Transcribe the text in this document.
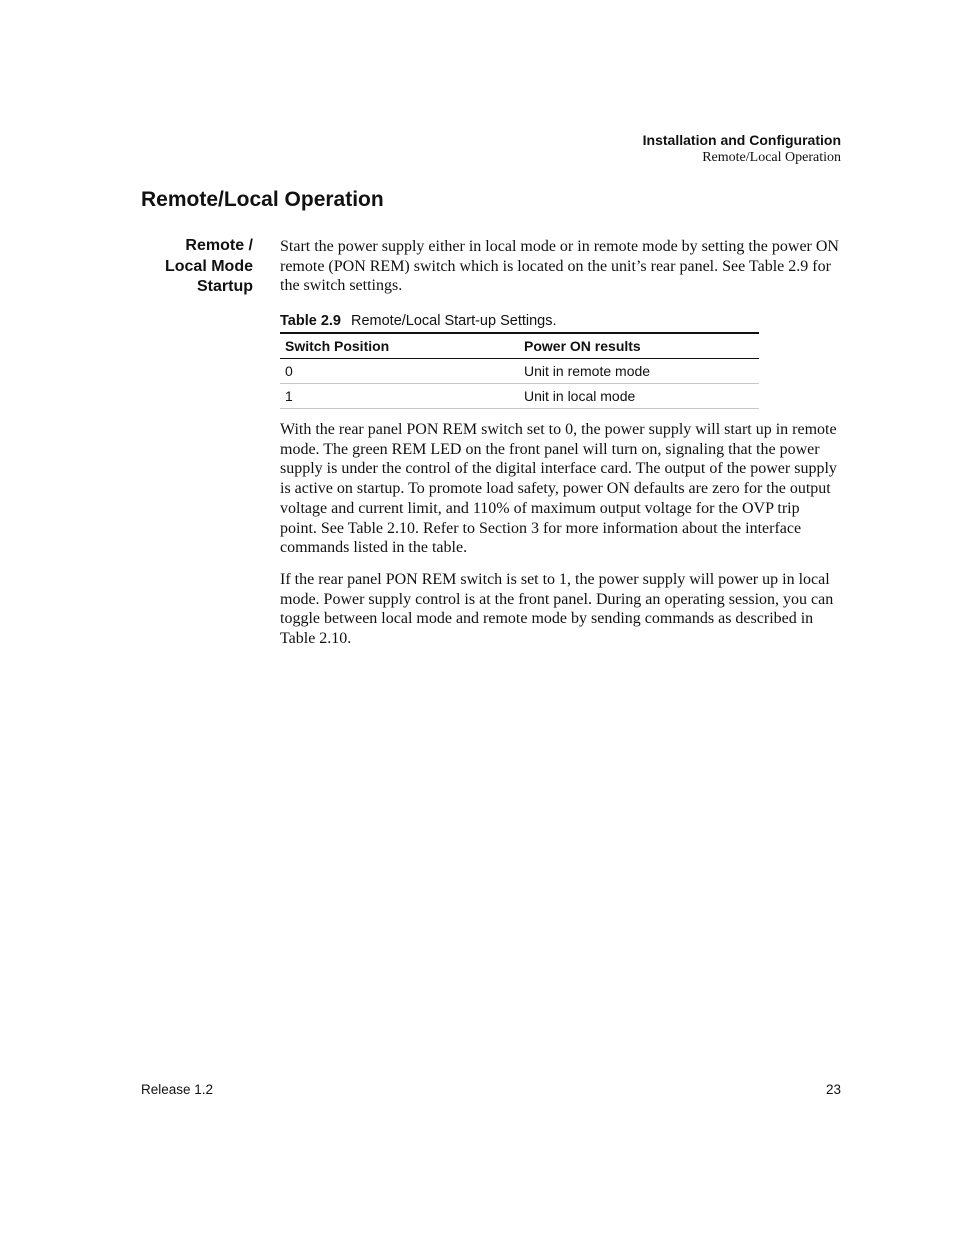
Installation and Configuration
Remote/Local Operation
Remote/Local Operation
Remote /
Local Mode
Startup

Start the power supply either in local mode or in remote mode by setting the power ON remote (PON REM) switch which is located on the unit’s rear panel. See Table 2.9 for the switch settings.

Table 2.9 Remote/Local Start-up Settings.
Switch Position	Power ON results
0	Unit in remote mode
1	Unit in local mode

With the rear panel PON REM switch set to 0, the power supply will start up in remote mode. The green REM LED on the front panel will turn on, signaling that the power supply is under the control of the digital interface card. The output of the power supply is active on startup. To promote load safety, power ON defaults are zero for the output voltage and current limit, and 110% of maximum output voltage for the OVP trip point. See Table 2.10. Refer to Section 3 for more information about the interface commands listed in the table.

If the rear panel PON REM switch is set to 1, the power supply will power up in local mode. Power supply control is at the front panel. During an operating session, you can toggle between local mode and remote mode by sending commands as described in Table 2.10.

Release 1.2	23
